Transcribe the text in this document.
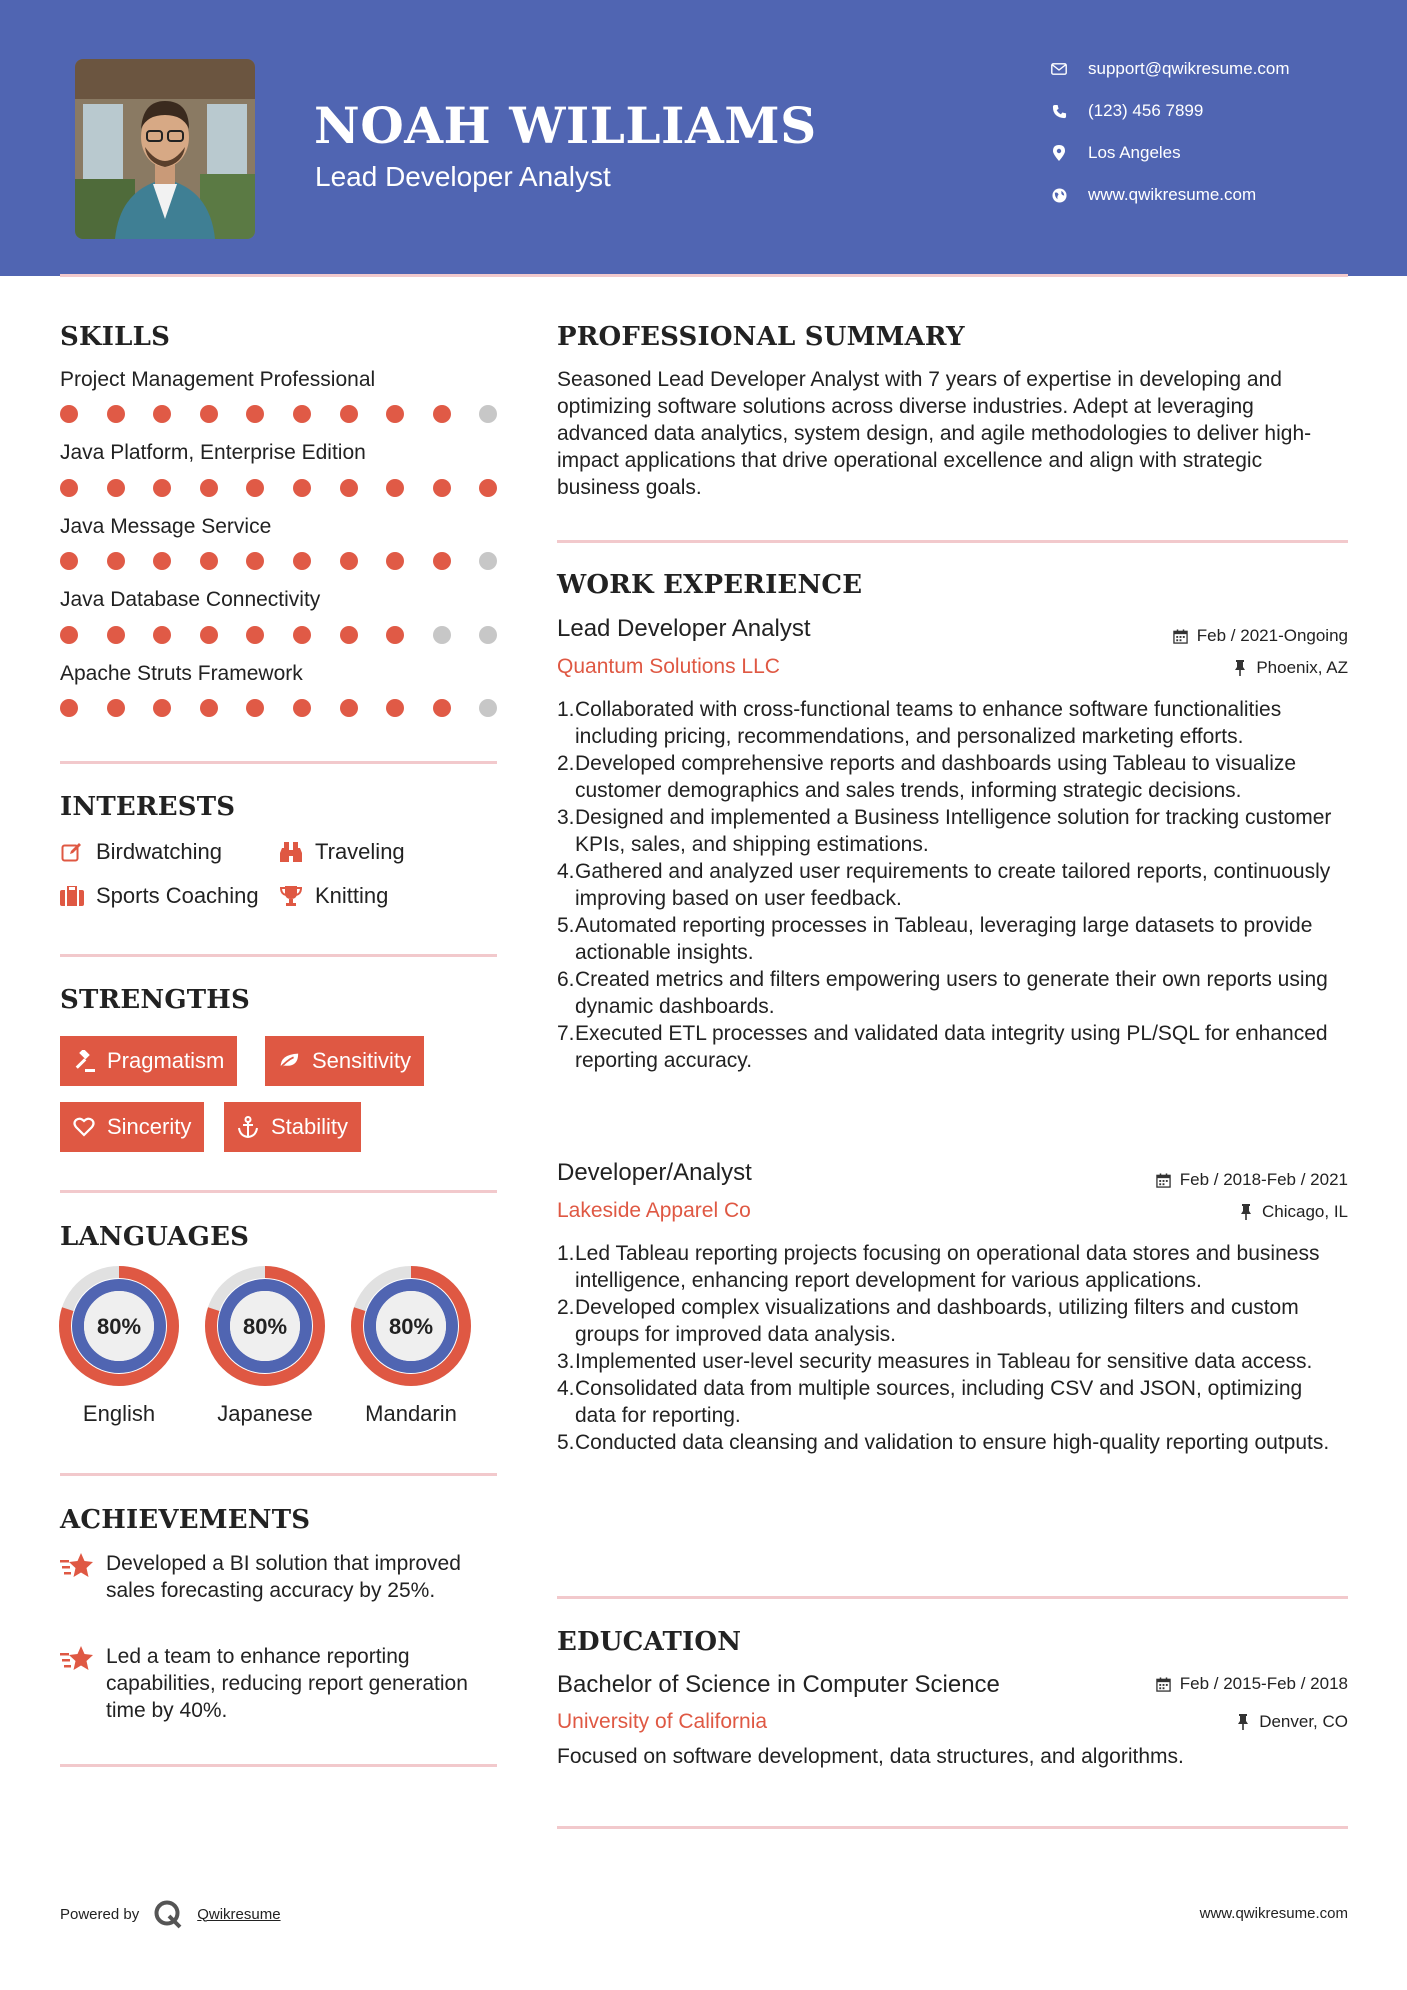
NOAH WILLIAMS
Lead Developer Analyst
support@qwikresume.com
(123) 456 7899
Los Angeles
www.qwikresume.com
SKILLS
Project Management Professional
Java Platform, Enterprise Edition
Java Message Service
Java Database Connectivity
Apache Struts Framework
INTERESTS
Birdwatching	Traveling
Sports Coaching	Knitting
STRENGTHS
Pragmatism	Sensitivity
Sincerity	Stability
LANGUAGES
80%
English
80%
Japanese
80%
Mandarin
ACHIEVEMENTS
Developed a BI solution that improved sales forecasting accuracy by 25%.
Led a team to enhance reporting capabilities, reducing report generation time by 40%.
PROFESSIONAL SUMMARY
Seasoned Lead Developer Analyst with 7 years of expertise in developing and optimizing software solutions across diverse industries. Adept at leveraging advanced data analytics, system design, and agile methodologies to deliver high-impact applications that drive operational excellence and align with strategic business goals.
WORK EXPERIENCE
Lead Developer Analyst	Feb / 2021-Ongoing
Quantum Solutions LLC	Phoenix, AZ
1. Collaborated with cross-functional teams to enhance software functionalities including pricing, recommendations, and personalized marketing efforts.
2. Developed comprehensive reports and dashboards using Tableau to visualize customer demographics and sales trends, informing strategic decisions.
3. Designed and implemented a Business Intelligence solution for tracking customer KPIs, sales, and shipping estimations.
4. Gathered and analyzed user requirements to create tailored reports, continuously improving based on user feedback.
5. Automated reporting processes in Tableau, leveraging large datasets to provide actionable insights.
6. Created metrics and filters empowering users to generate their own reports using dynamic dashboards.
7. Executed ETL processes and validated data integrity using PL/SQL for enhanced reporting accuracy.
Developer/Analyst	Feb / 2018-Feb / 2021
Lakeside Apparel Co	Chicago, IL
1. Led Tableau reporting projects focusing on operational data stores and business intelligence, enhancing report development for various applications.
2. Developed complex visualizations and dashboards, utilizing filters and custom groups for improved data analysis.
3. Implemented user-level security measures in Tableau for sensitive data access.
4. Consolidated data from multiple sources, including CSV and JSON, optimizing data for reporting.
5. Conducted data cleansing and validation to ensure high-quality reporting outputs.
EDUCATION
Bachelor of Science in Computer Science	Feb / 2015-Feb / 2018
University of California	Denver, CO
Focused on software development, data structures, and algorithms.
Powered by	Qwikresume	www.qwikresume.com
